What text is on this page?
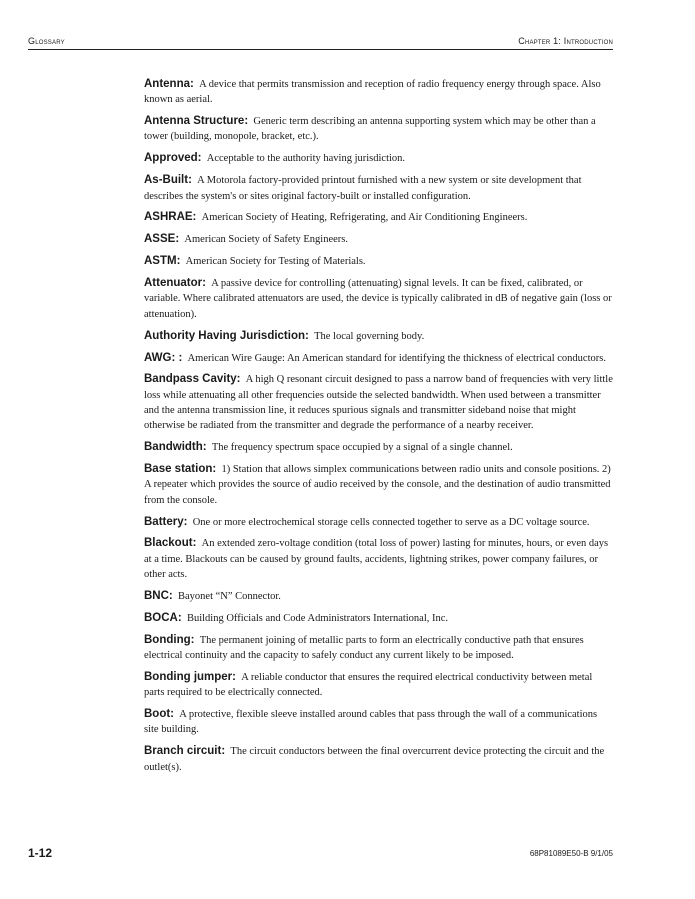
Glossary	Chapter 1: Introduction

Antenna:  A device that permits transmission and reception of radio frequency energy through space. Also known as aerial.

Antenna Structure:  Generic term describing an antenna supporting system which may be other than a tower (building, monopole, bracket, etc.).

Approved:  Acceptable to the authority having jurisdiction.

As-Built:  A Motorola factory-provided printout furnished with a new system or site development that describes the system's or sites original factory-built or installed configuration.

ASHRAE:  American Society of Heating, Refrigerating, and Air Conditioning Engineers.

ASSE:  American Society of Safety Engineers.

ASTM:  American Society for Testing of Materials.

Attenuator:  A passive device for controlling (attenuating) signal levels. It can be fixed, calibrated, or variable. Where calibrated attenuators are used, the device is typically calibrated in dB of negative gain (loss or attenuation).

Authority Having Jurisdiction:  The local governing body.

AWG: :  American Wire Gauge: An American standard for identifying the thickness of electrical conductors.

Bandpass Cavity:  A high Q resonant circuit designed to pass a narrow band of frequencies with very little loss while attenuating all other frequencies outside the selected bandwidth. When used between a transmitter and the antenna transmission line, it reduces spurious signals and transmitter sideband noise that might otherwise be radiated from the transmitter and degrade the performance of a nearby receiver.

Bandwidth:  The frequency spectrum space occupied by a signal of a single channel.

Base station:  1) Station that allows simplex communications between radio units and console positions. 2) A repeater which provides the source of audio received by the console, and the destination of audio transmitted from the console.

Battery:  One or more electrochemical storage cells connected together to serve as a DC voltage source.

Blackout:  An extended zero-voltage condition (total loss of power) lasting for minutes, hours, or even days at a time. Blackouts can be caused by ground faults, accidents, lightning strikes, power company failures, or other acts.

BNC:  Bayonet “N” Connector.

BOCA:  Building Officials and Code Administrators International, Inc.

Bonding:  The permanent joining of metallic parts to form an electrically conductive path that ensures electrical continuity and the capacity to safely conduct any current likely to be imposed.

Bonding jumper:  A reliable conductor that ensures the required electrical conductivity between metal parts required to be electrically connected.

Boot:  A protective, flexible sleeve installed around cables that pass through the wall of a communications site building.

Branch circuit:  The circuit conductors between the final overcurrent device protecting the circuit and the outlet(s).

1-12	68P81089E50-B 9/1/05
